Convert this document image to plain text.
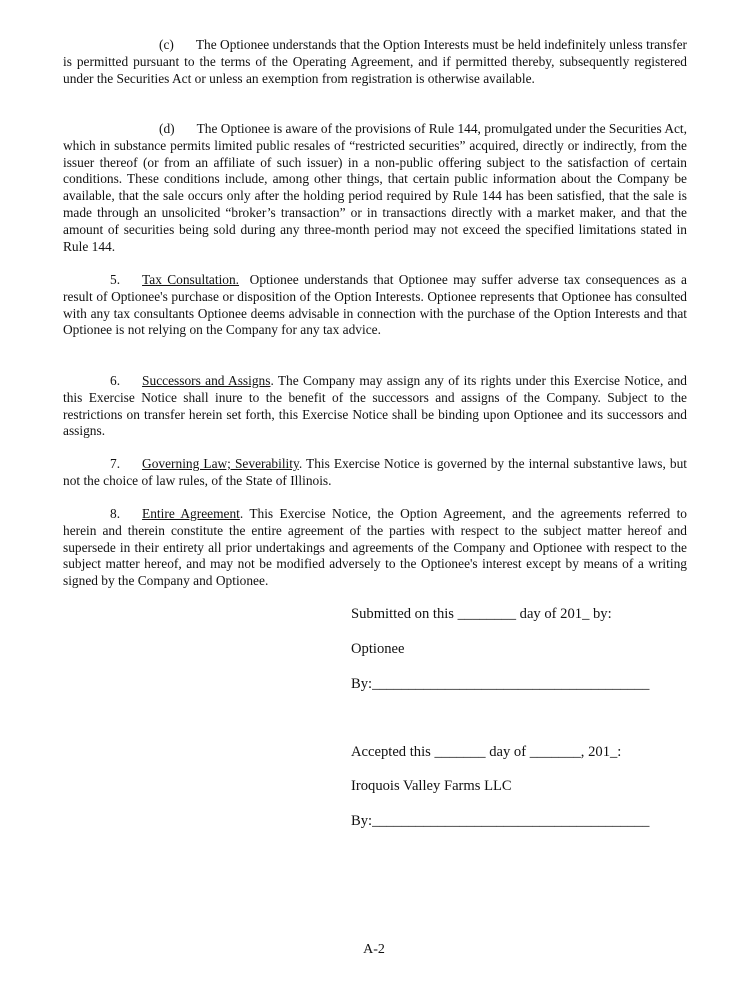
(c) The Optionee understands that the Option Interests must be held indefinitely unless transfer is permitted pursuant to the terms of the Operating Agreement, and if permitted thereby, subsequently registered under the Securities Act or unless an exemption from registration is otherwise available.

(d) The Optionee is aware of the provisions of Rule 144, promulgated under the Securities Act, which in substance permits limited public resales of “restricted securities” acquired, directly or indirectly, from the issuer thereof (or from an affiliate of such issuer) in a non-public offering subject to the satisfaction of certain conditions. These conditions include, among other things, that certain public information about the Company be available, that the sale occurs only after the holding period required by Rule 144 has been satisfied, that the sale is made through an unsolicited “broker’s transaction” or in transactions directly with a market maker, and that the amount of securities being sold during any three-month period may not exceed the specified limitations stated in Rule 144.

5. Tax Consultation. Optionee understands that Optionee may suffer adverse tax consequences as a result of Optionee's purchase or disposition of the Option Interests. Optionee represents that Optionee has consulted with any tax consultants Optionee deems advisable in connection with the purchase of the Option Interests and that Optionee is not relying on the Company for any tax advice.

6. Successors and Assigns. The Company may assign any of its rights under this Exercise Notice, and this Exercise Notice shall inure to the benefit of the successors and assigns of the Company. Subject to the restrictions on transfer herein set forth, this Exercise Notice shall be binding upon Optionee and its successors and assigns.

7. Governing Law; Severability. This Exercise Notice is governed by the internal substantive laws, but not the choice of law rules, of the State of Illinois.

8. Entire Agreement. This Exercise Notice, the Option Agreement, and the agreements referred to herein and therein constitute the entire agreement of the parties with respect to the subject matter hereof and supersede in their entirety all prior undertakings and agreements of the Company and Optionee with respect to the subject matter hereof, and may not be modified adversely to the Optionee's interest except by means of a writing signed by the Company and Optionee.

Submitted on this ________ day of 201_ by:
Optionee
By:______________________________________
Accepted this _______ day of _______, 201_:
Iroquois Valley Farms LLC
By:______________________________________
A-2
